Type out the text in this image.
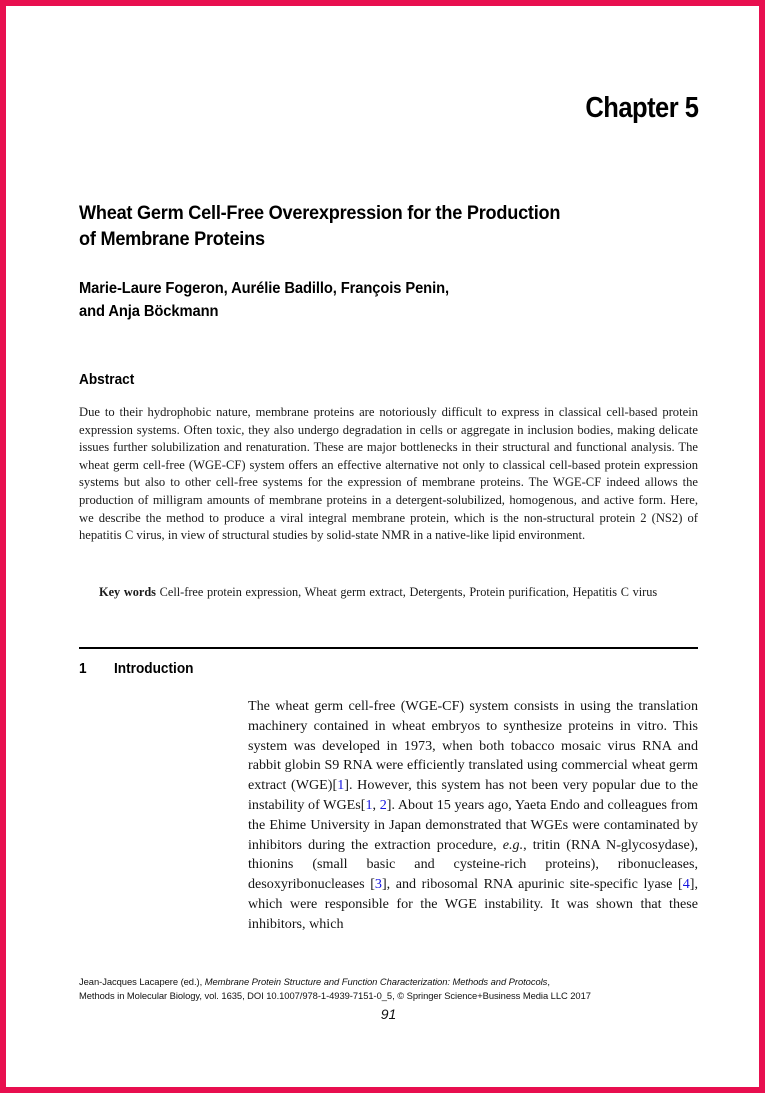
Chapter 5
Wheat Germ Cell-Free Overexpression for the Production
of Membrane Proteins
Marie-Laure Fogeron, Aurélie Badillo, François Penin,
and Anja Böckmann
Abstract
Due to their hydrophobic nature, membrane proteins are notoriously difficult to express in classical cell-based protein expression systems. Often toxic, they also undergo degradation in cells or aggregate in inclusion bodies, making delicate issues further solubilization and renaturation. These are major bottlenecks in their structural and functional analysis. The wheat germ cell-free (WGE-CF) system offers an effective alternative not only to classical cell-based protein expression systems but also to other cell-free systems for the expression of membrane proteins. The WGE-CF indeed allows the production of milligram amounts of membrane proteins in a detergent-solubilized, homogenous, and active form. Here, we describe the method to produce a viral integral membrane protein, which is the non-structural protein 2 (NS2) of hepatitis C virus, in view of structural studies by solid-state NMR in a native-like lipid environment.
Key words Cell-free protein expression, Wheat germ extract, Detergents, Protein purification, Hepatitis C virus
1 Introduction
The wheat germ cell-free (WGE-CF) system consists in using the translation machinery contained in wheat embryos to synthesize proteins in vitro. This system was developed in 1973, when both tobacco mosaic virus RNA and rabbit globin S9 RNA were efficiently translated using commercial wheat germ extract (WGE)[1]. However, this system has not been very popular due to the instability of WGEs[1, 2]. About 15 years ago, Yaeta Endo and colleagues from the Ehime University in Japan demonstrated that WGEs were contaminated by inhibitors during the extraction procedure, e.g., tritin (RNA N-glycosydase), thionins (small basic and cysteine-rich proteins), ribonucleases, desoxyribonucleases [3], and ribosomal RNA apurinic site-specific lyase [4], which were responsible for the WGE instability. It was shown that these inhibitors, which
Jean-Jacques Lacapere (ed.), Membrane Protein Structure and Function Characterization: Methods and Protocols,
Methods in Molecular Biology, vol. 1635, DOI 10.1007/978-1-4939-7151-0_5, © Springer Science+Business Media LLC 2017
91
